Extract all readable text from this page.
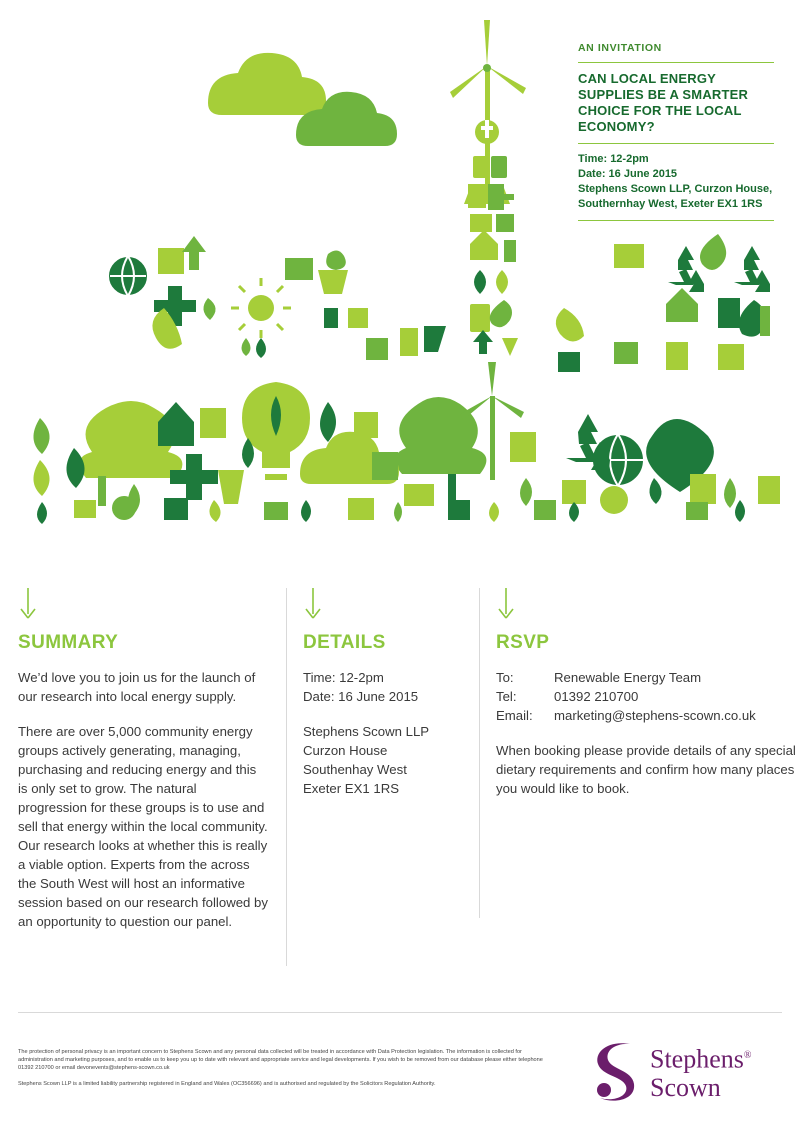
AN INVITATION
CAN LOCAL ENERGY SUPPLIES BE A SMARTER CHOICE FOR THE LOCAL ECONOMY?
Time: 12-2pm
Date: 16 June 2015
Stephens Scown LLP, Curzon House,
Southernhay West, Exeter EX1 1RS
SUMMARY

We’d love you to join us for the launch of our research into local energy supply.

There are over 5,000 community energy groups actively generating, managing, purchasing and reducing energy and this is only set to grow. The natural progression for these groups is to use and sell that energy within the local community. Our research looks at whether this is really a viable option. Experts from the across the South West will host an informative session based on our research followed by an opportunity to question our panel.

DETAILS

Time: 12-2pm
Date: 16 June 2015

Stephens Scown LLP
Curzon House
Southenhay West
Exeter EX1 1RS

RSVP
To:	Renewable Energy Team
Tel:	01392 210700
Email:	marketing@stephens-scown.co.uk

When booking please provide details of any special dietary requirements and confirm how many places you would like to book.

The protection of personal privacy is an important concern to Stephens Scown and any personal data collected will be treated in accordance with Data Protection legislation. The information is collected for administration and marketing purposes, and to enable us to keep you up to date with relevant and appropriate service and legal developments. If you wish to be removed from our database please either telephone 01392 210700 or email devonevents@stephens-scown.co.uk

Stephens Scown LLP is a limited liability partnership registered in England and Wales (OC356696) and is authorised and regulated by the Solicitors Regulation Authority.

Stephens®
Scown
